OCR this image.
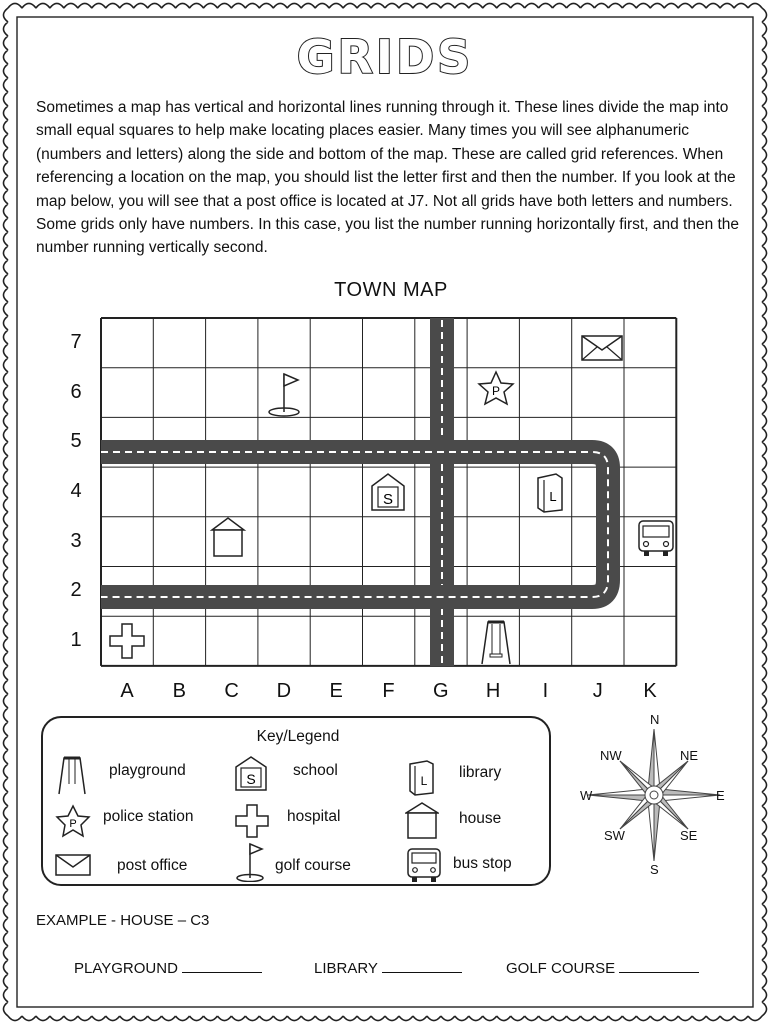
GRIDS

Sometimes a map has vertical and horizontal lines running through it. These lines divide the map into small equal squares to help make locating places easier. Many times you will see alphanumeric (numbers and letters) along the side and bottom of the map. These are called grid references. When referencing a location on the map, you should list the letter first and then the number. If you look at the map below, you will see that a post office is located at J7. Not all grids have both letters and numbers. Some grids only have numbers. In this case, you list the number running horizontally first, and then the number running vertically second.

TOWN MAP
P
S	L
7
6
5
4
3
2
1
A	B	C	D	E	F	G	H	I	J	K
Key/Legend
playground	S school
L library
P police station	hospital	house
post office	golf course	bus stop
N
NE
E
SE
S
SW
W
NW
EXAMPLE - HOUSE – C3
PLAYGROUND	LIBRARY	GOLF COURSE
